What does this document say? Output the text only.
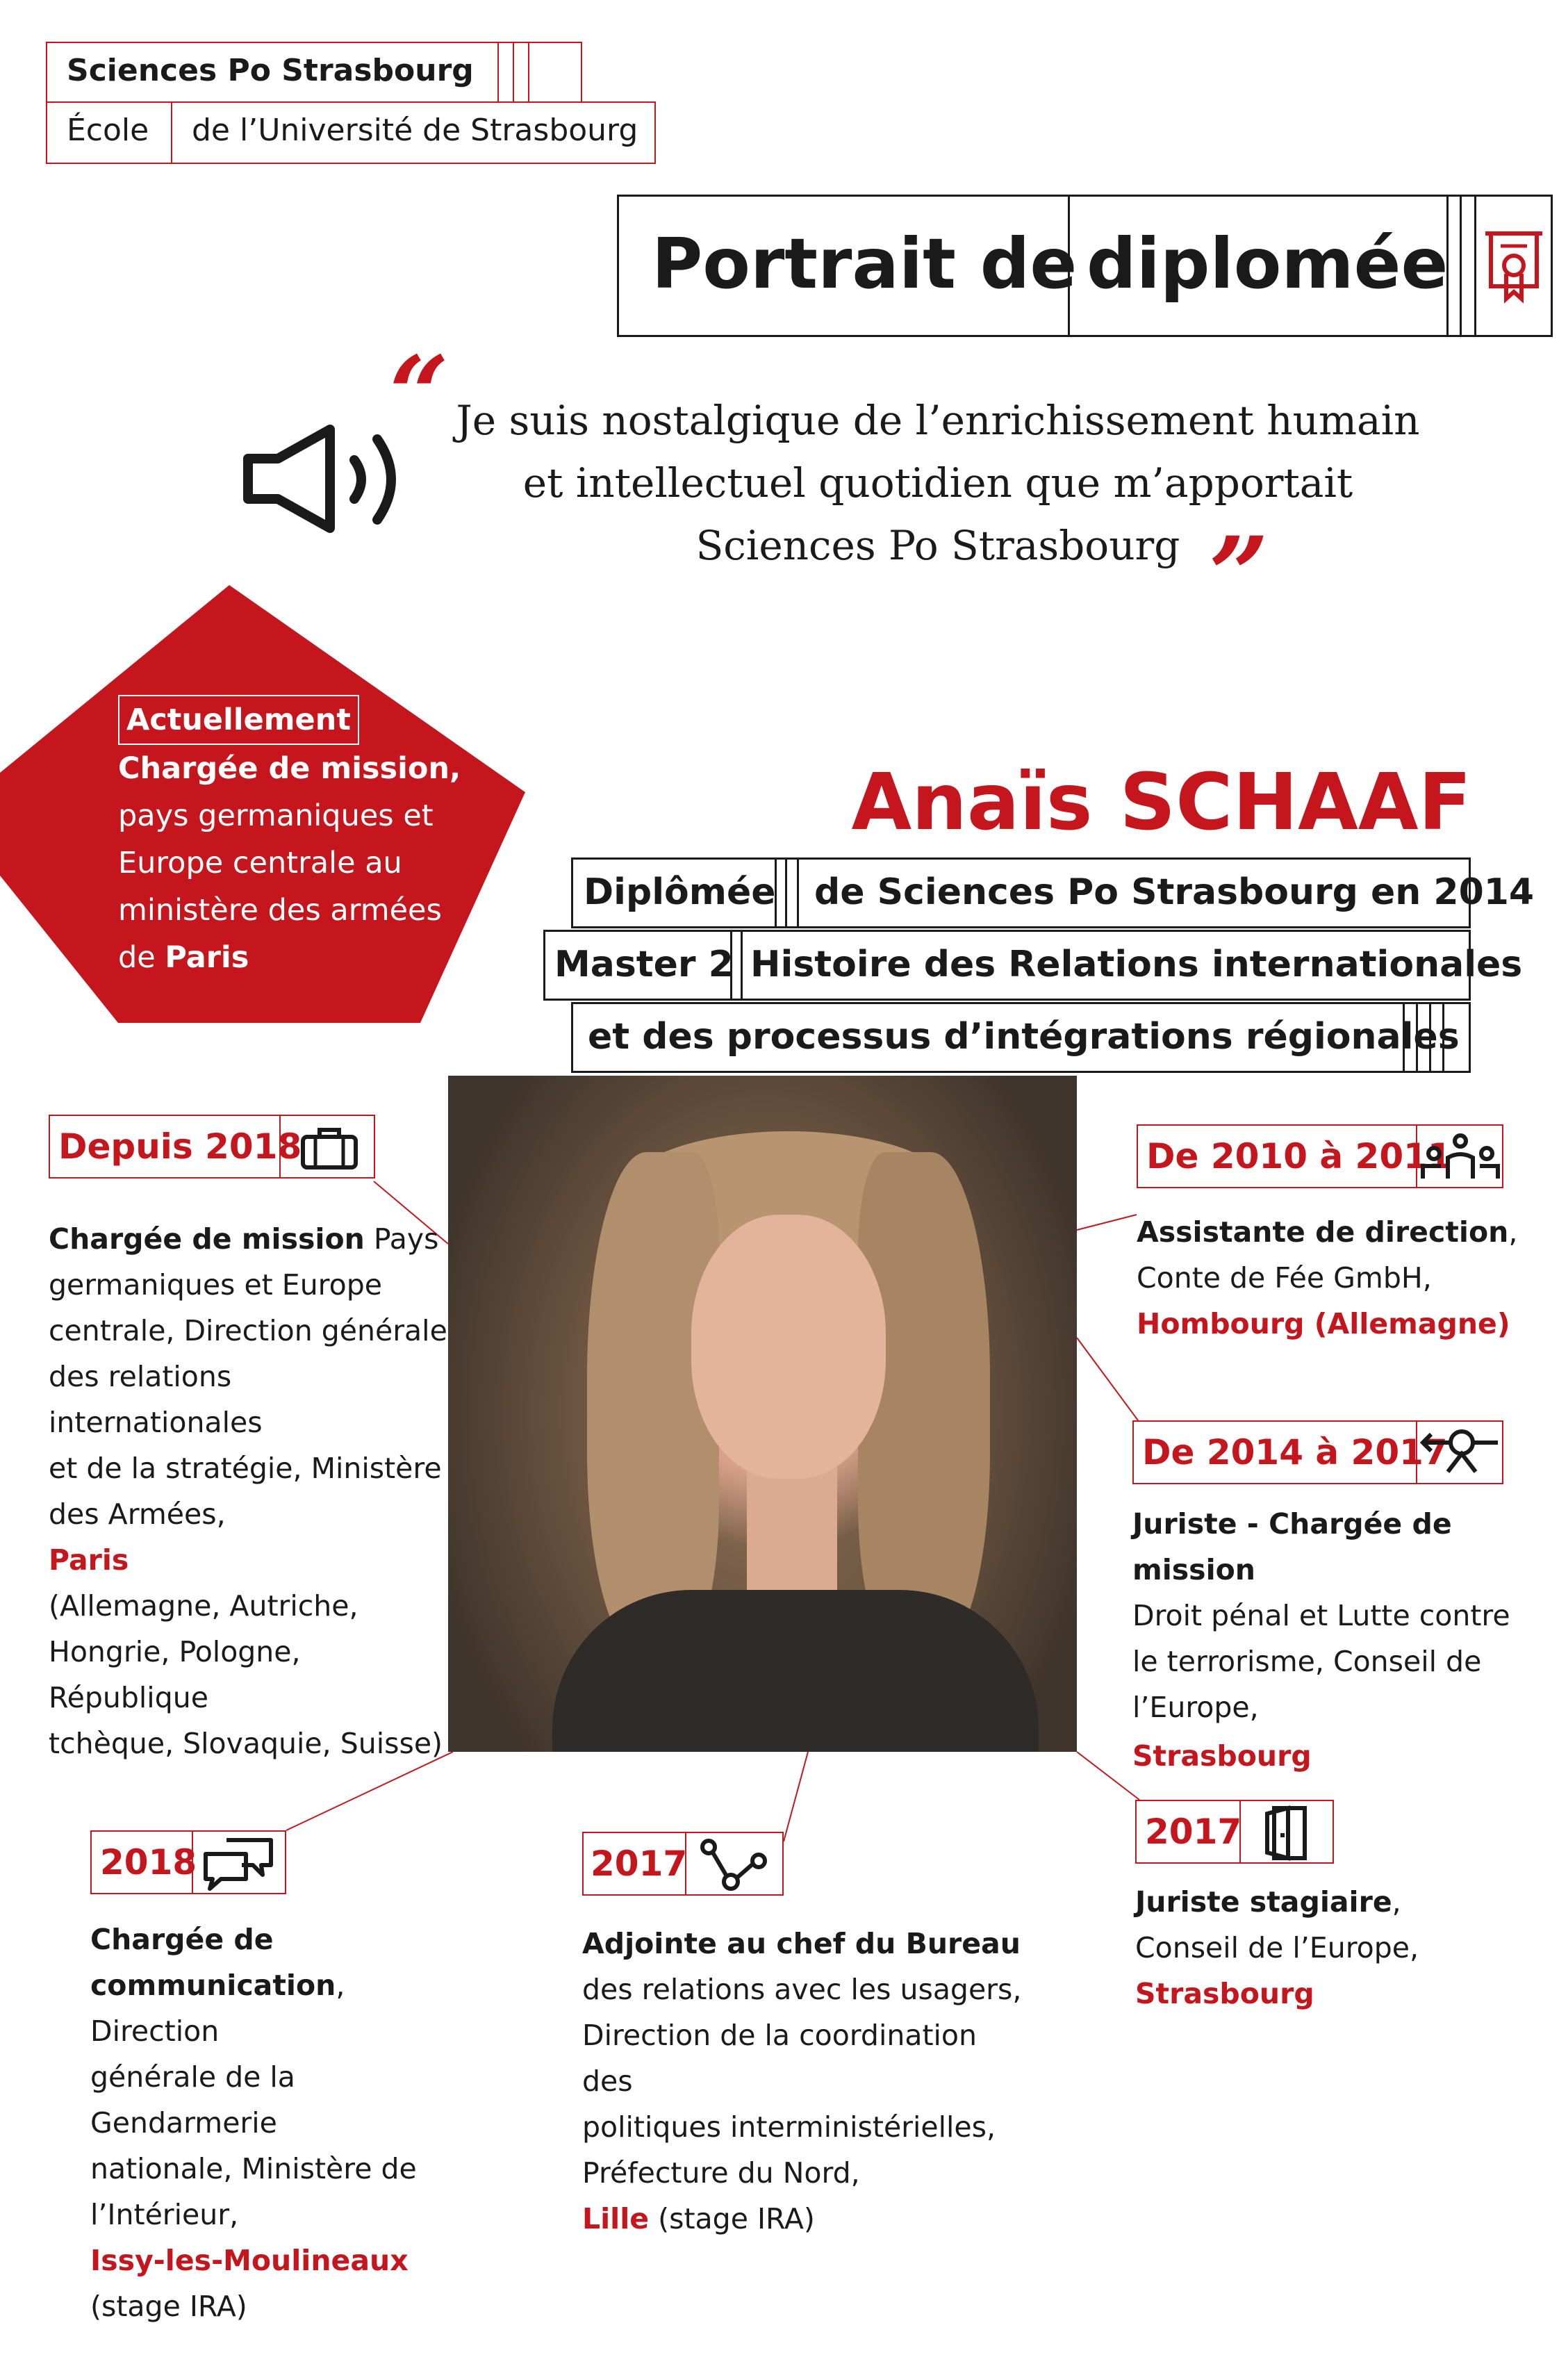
Sciences Po Strasbourg
École de l’Université de Strasbourg
Portrait de diplomée
“ Je suis nostalgique de l’enrichissement humain
et intellectuel quotidien que m’apportait
Sciences Po Strasbourg ”
Actuellement
Chargée de mission,
pays germaniques et
Europe centrale au
ministère des armées
de Paris
Anaïs SCHAAF
Diplômée de Sciences Po Strasbourg en 2014
Master 2 Histoire des Relations internationales
et des processus d’intégrations régionales
Depuis 2018
Chargée de mission Pays
germaniques et Europe
centrale, Direction générale
des relations internationales
et de la stratégie, Ministère
des Armées,
Paris
(Allemagne, Autriche,
Hongrie, Pologne, République
tchèque, Slovaquie, Suisse)
De 2010 à 2011
Assistante de direction,
Conte de Fée GmbH,
Hombourg (Allemagne)
De 2014 à 2017
Juriste - Chargée de mission
Droit pénal et Lutte contre
le terrorisme, Conseil de
l’Europe,
Strasbourg
2017
Juriste stagiaire,
Conseil de l’Europe,
Strasbourg
2017
Adjointe au chef du Bureau
des relations avec les usagers,
Direction de la coordination des
politiques interministérielles,
Préfecture du Nord,
Lille (stage IRA)
2018
Chargée de
communication, Direction
générale de la Gendarmerie
nationale, Ministère de
l’Intérieur,
Issy-les-Moulineaux
(stage IRA)
